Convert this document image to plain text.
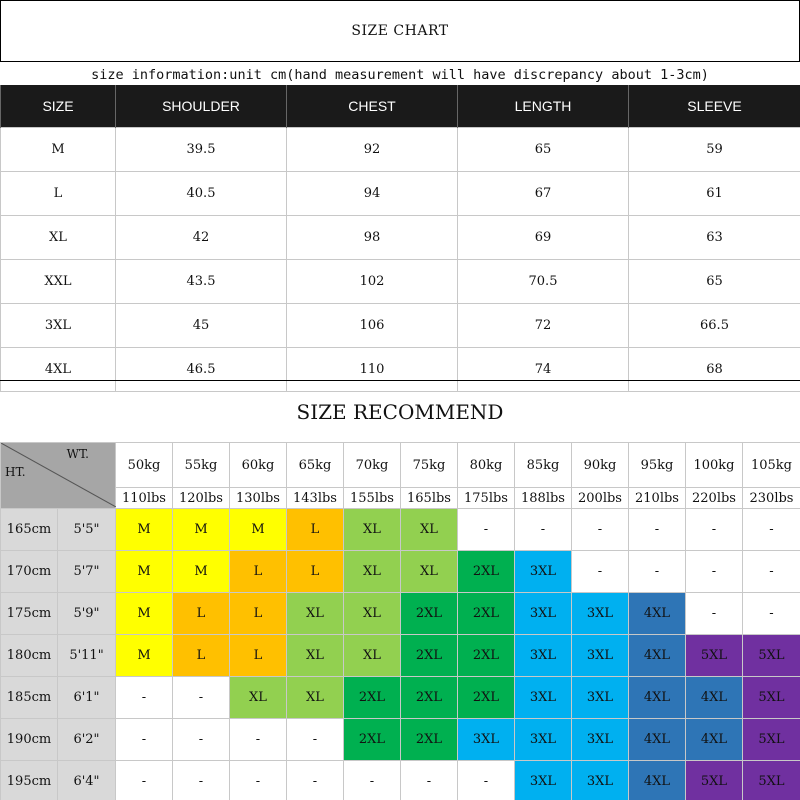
SIZE CHART
size information:unit cm(hand measurement will have discrepancy about 1-3cm)
SIZE	SHOULDER	CHEST	LENGTH	SLEEVE
M	39.5	92	65	59
L	40.5	94	67	61
XL	42	98	69	63
XXL	43.5	102	70.5	65
3XL	45	106	72	66.5
4XL	46.5	110	74	68
SIZE RECOMMEND
WT.
HT.		50kg	55kg	60kg	65kg	70kg	75kg	80kg	85kg	90kg	95kg	100kg	105kg
		110lbs	120lbs	130lbs	143lbs	155lbs	165lbs	175lbs	188lbs	200lbs	210lbs	220lbs	230lbs
165cm	5'5"	M	M	M	L	XL	XL	-	-	-	-	-	-
170cm	5'7"	M	M	L	L	XL	XL	2XL	3XL	-	-	-	-
175cm	5'9"	M	L	L	XL	XL	2XL	2XL	3XL	3XL	4XL	-	-
180cm	5'11"	M	L	L	XL	XL	2XL	2XL	3XL	3XL	4XL	5XL	5XL
185cm	6'1"	-	-	XL	XL	2XL	2XL	2XL	3XL	3XL	4XL	4XL	5XL
190cm	6'2"	-	-	-	-	2XL	2XL	3XL	3XL	3XL	4XL	4XL	5XL
195cm	6'4"	-	-	-	-	-	-	-	3XL	3XL	4XL	5XL	5XL
